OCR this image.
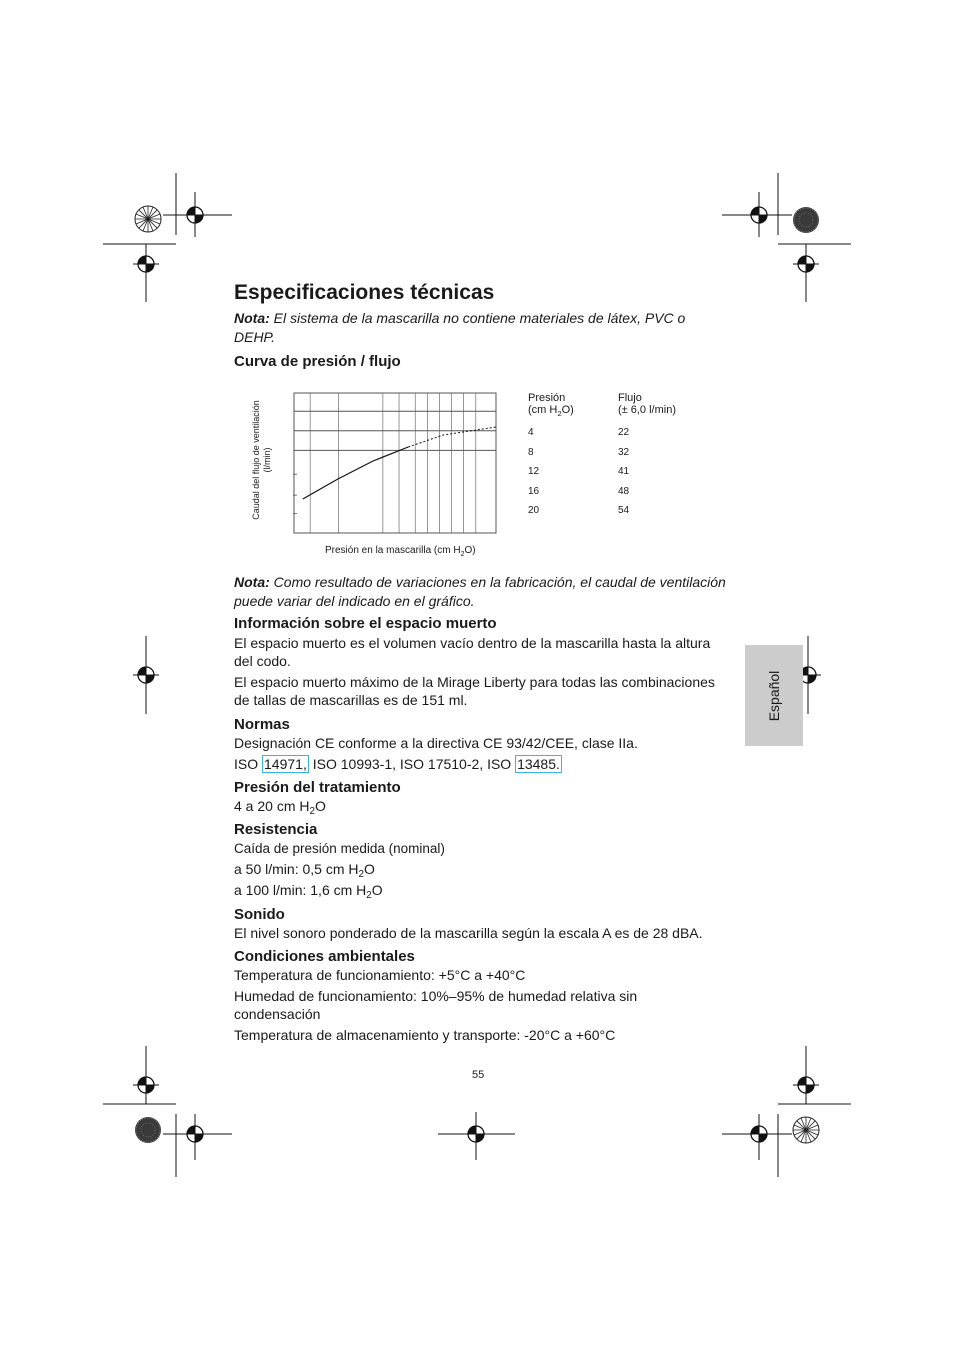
Especificaciones técnicas
Nota: El sistema de la mascarilla no contiene materiales de látex, PVC o
DEHP.
Curva de presión / flujo
Caudal del flujo de ventilación
(l/min)
Presión en la mascarilla (cm $H_2O$)
Presión
(cm $H_2O$)
Flujo
(± 6,0 l/min)
4	22
8	32
12	41
16	48
20	54
Nota: Como resultado de variaciones en la fabricación, el caudal de ventilación
puede variar del indicado en el gráfico.
Información sobre el espacio muerto
El espacio muerto es el volumen vacío dentro de la mascarilla hasta la altura
del codo.
El espacio muerto máximo de la Mirage Liberty para todas las combinaciones
de tallas de mascarillas es de 151 ml.
Normas
Designación CE conforme a la directiva CE 93/42/CEE, clase IIa.
ISO 14971, ISO 10993-1, ISO 17510-2, ISO 13485.
Presión del tratamiento
4 a 20 cm $H_2O$
Resistencia
Caída de presión medida (nominal)
a 50 l/min: 0,5 cm $H_2O$
a 100 l/min: 1,6 cm $H_2O$
Sonido
El nivel sonoro ponderado de la mascarilla según la escala A es de 28 dBA.
Condiciones ambientales
Temperatura de funcionamiento: +5°C a +40°C
Humedad de funcionamiento: 10%–95% de humedad relativa sin
condensación
Temperatura de almacenamiento y transporte: -20°C a +60°C
55
Español
